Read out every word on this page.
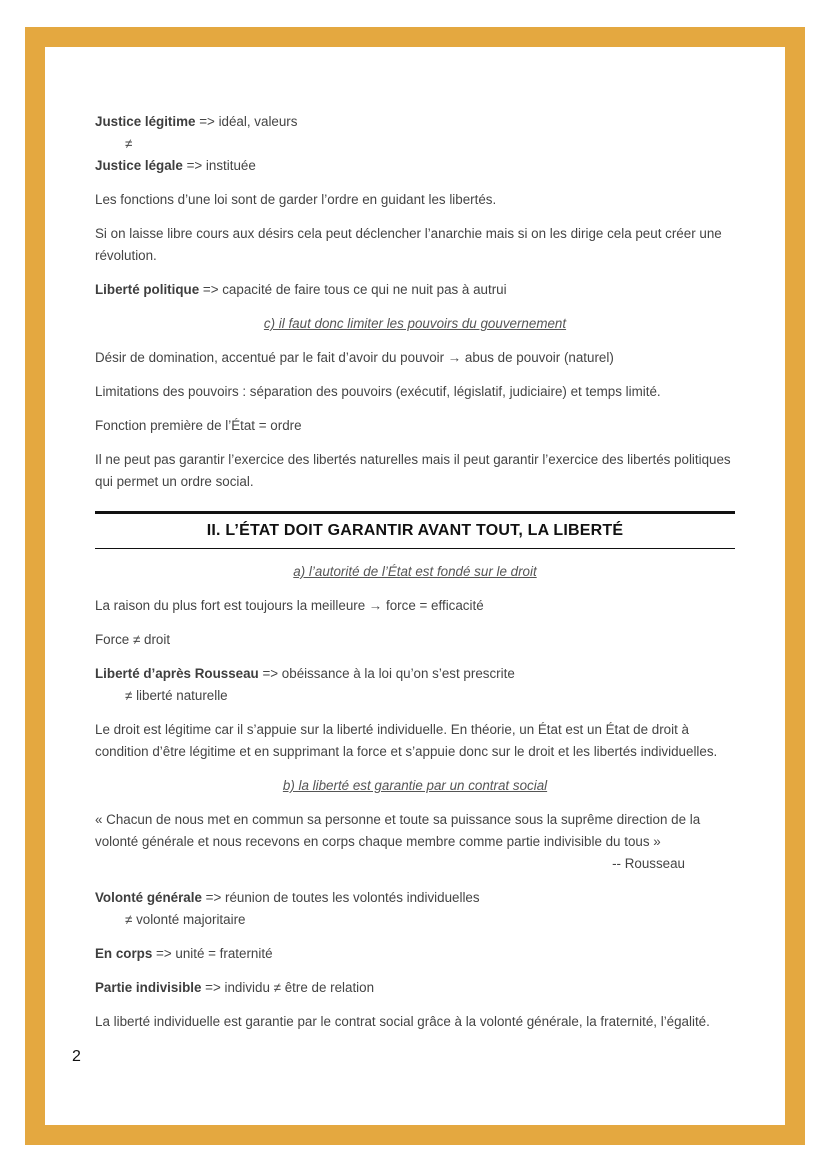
Justice légitime => idéal, valeurs

≠

Justice légale => instituée

Les fonctions d’une loi sont de garder l’ordre en guidant les libertés.

Si on laisse libre cours aux désirs cela peut déclencher l’anarchie mais si on les dirige cela peut créer une révolution.

Liberté politique => capacité de faire tous ce qui ne nuit pas à autrui

c) il faut donc limiter les pouvoirs du gouvernement

Désir de domination, accentué par le fait d’avoir du pouvoir → abus de pouvoir (naturel)

Limitations des pouvoirs : séparation des pouvoirs (exécutif, législatif, judiciaire) et temps limité.

Fonction première de l’État = ordre

Il ne peut pas garantir l’exercice des libertés naturelles mais il peut garantir l’exercice des libertés politiques qui permet un ordre social.

II. L’ÉTAT DOIT GARANTIR AVANT TOUT, LA LIBERTÉ

a) l’autorité de l’État est fondé sur le droit

La raison du plus fort est toujours la meilleure → force = efficacité

Force ≠ droit

Liberté d’après Rousseau => obéissance à la loi qu’on s’est prescrite

≠ liberté naturelle

Le droit est légitime car il s’appuie sur la liberté individuelle. En théorie, un État est un État de droit à condition d’être légitime et en supprimant la force et s’appuie donc sur le droit et les libertés individuelles.

b) la liberté est garantie par un contrat social

« Chacun de nous met en commun sa personne et toute sa puissance sous la suprême direction de la volonté générale et nous recevons en corps chaque membre comme partie indivisible du tous »

-- Rousseau

Volonté générale => réunion de toutes les volontés individuelles

≠ volonté majoritaire

En corps => unité = fraternité

Partie indivisible => individu ≠ être de relation

La liberté individuelle est garantie par le contrat social grâce à la volonté générale, la fraternité, l’égalité.

2
